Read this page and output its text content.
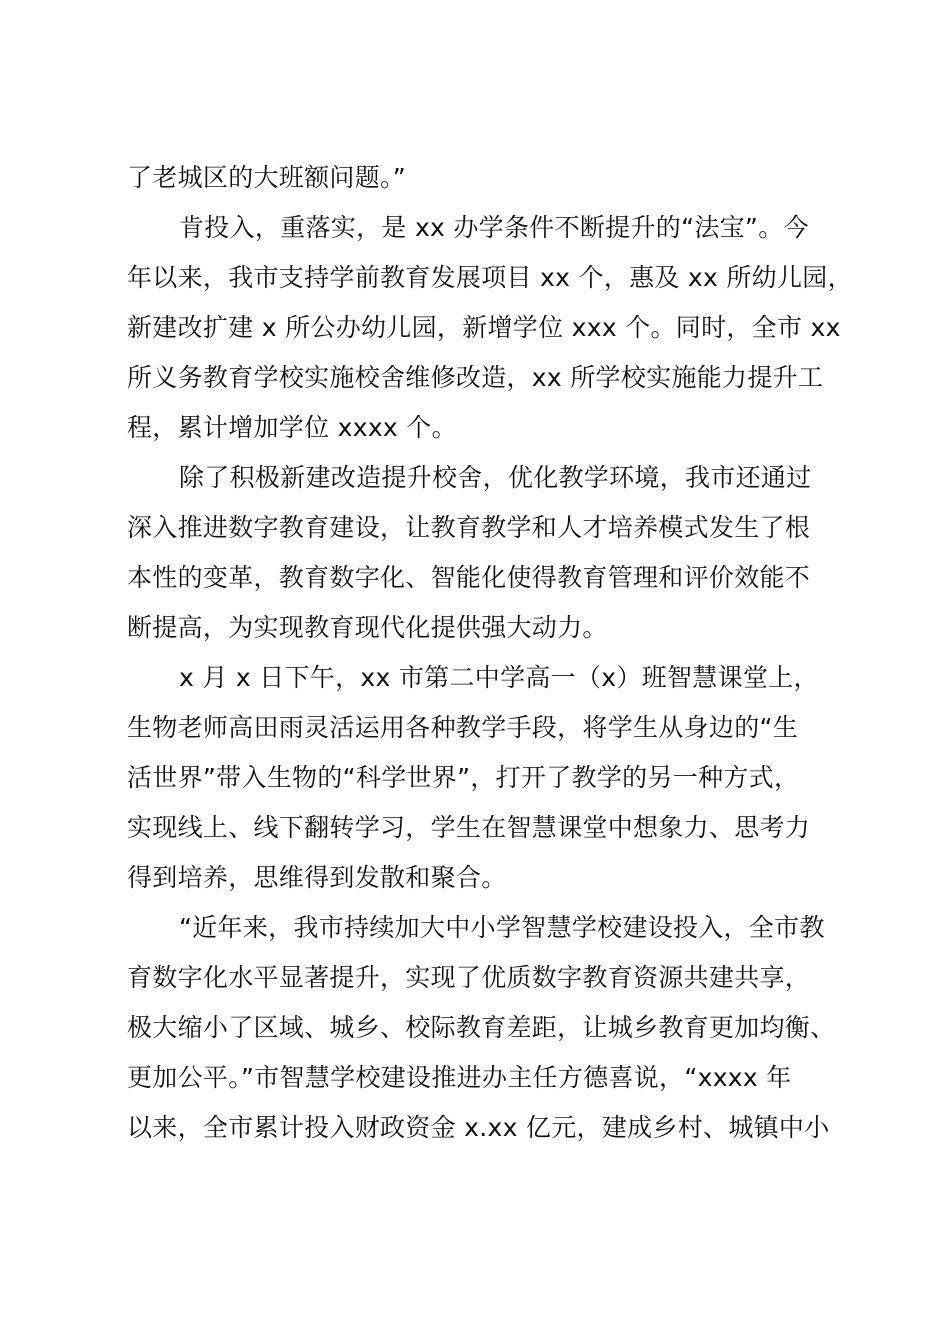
了老城区的大班额问题。”
肯投入，重落实，是 xx 办学条件不断提升的“法宝”。今
年以来，我市支持学前教育发展项目 xx 个，惠及 xx 所幼儿园，
新建改扩建 x 所公办幼儿园，新增学位 xxx 个。同时，全市 xx
所义务教育学校实施校舍维修改造，xx 所学校实施能力提升工
程，累计增加学位 xxxx 个。
除了积极新建改造提升校舍，优化教学环境，我市还通过
深入推进数字教育建设，让教育教学和人才培养模式发生了根
本性的变革，教育数字化、智能化使得教育管理和评价效能不
断提高，为实现教育现代化提供强大动力。
x 月 x 日下午，xx 市第二中学高一（x）班智慧课堂上，
生物老师高田雨灵活运用各种教学手段，将学生从身边的“生
活世界”带入生物的“科学世界”，打开了教学的另一种方式，
实现线上、线下翻转学习，学生在智慧课堂中想象力、思考力
得到培养，思维得到发散和聚合。
“近年来，我市持续加大中小学智慧学校建设投入，全市教
育数字化水平显著提升，实现了优质数字教育资源共建共享，
极大缩小了区域、城乡、校际教育差距，让城乡教育更加均衡、
更加公平。”市智慧学校建设推进办主任方德喜说，“xxxx 年
以来，全市累计投入财政资金 x.xx 亿元，建成乡村、城镇中小
